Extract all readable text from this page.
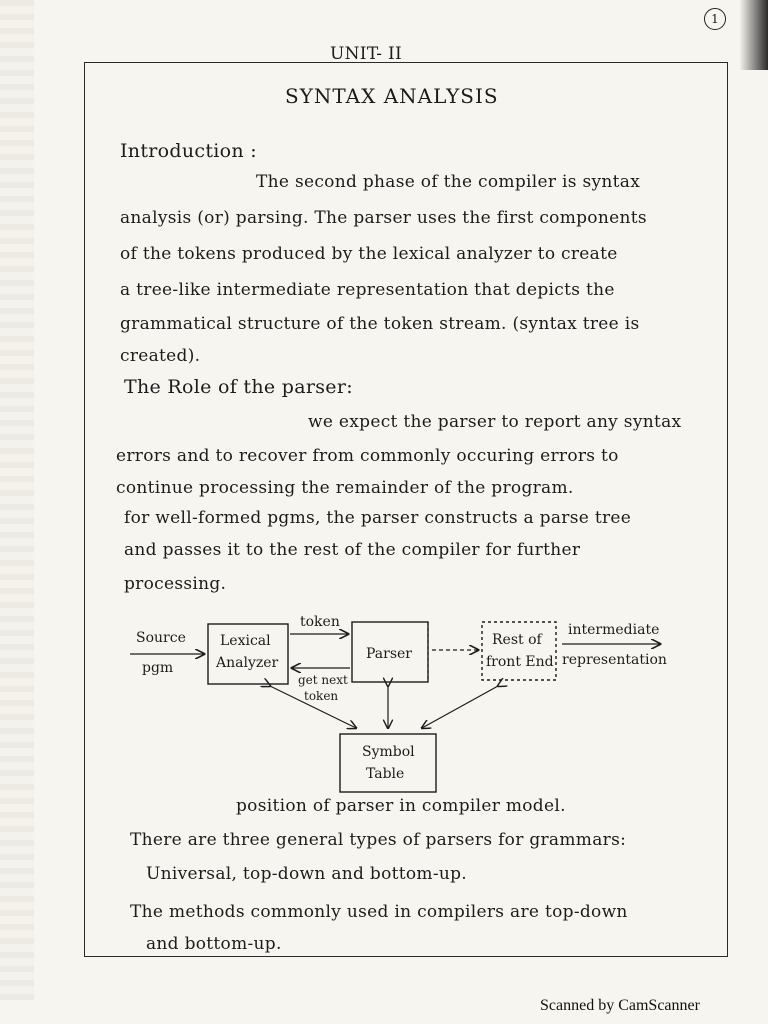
1
UNIT- II
SYNTAX ANALYSIS
Introduction :
The second phase of the compiler is syntax
analysis (or) parsing. The parser uses the first components
of the tokens produced by the lexical analyzer to create
a tree-like intermediate representation that depicts the
grammatical structure of the token stream. (syntax tree is
created).
The Role of the parser:
we expect the parser to report any syntax
errors and to recover from commonly occuring errors to
continue processing the remainder of the program.
for well-formed pgms, the parser constructs a parse tree
and passes it to the rest of the compiler for further
processing.
Source
pgm
Lexical
Analyzer
token
get next
token
Parser
Rest of
front End
intermediate
representation
Symbol
Table
position of parser in compiler model.
There are three general types of parsers for grammars:
Universal, top-down and bottom-up.
The methods commonly used in compilers are top-down
and bottom-up.
Scanned by CamScanner
